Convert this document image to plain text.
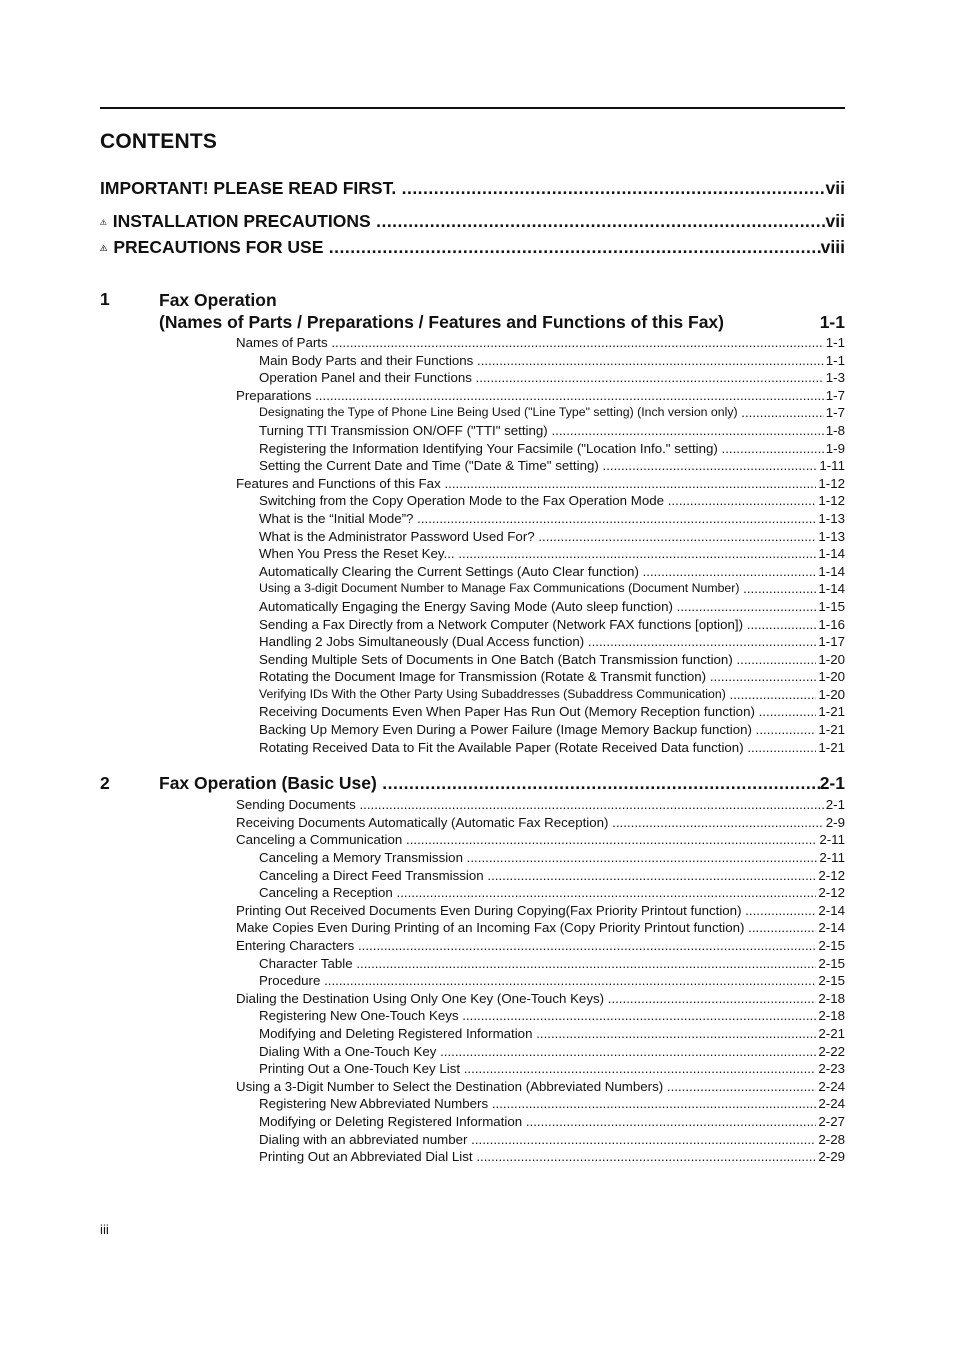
CONTENTS
IMPORTANT! PLEASE READ FIRST. .....	vii
INSTALLATION PRECAUTIONS .....	vii
PRECAUTIONS FOR USE .....	viii
1	Fax Operation
(Names of Parts / Preparations / Features and Functions of this Fax)	1-1
Names of Parts .....	1-1
Main Body Parts and their Functions .....	1-1
Operation Panel and their Functions .....	1-3
Preparations .....	1-7
Designating the Type of Phone Line Being Used ("Line Type" setting) (Inch version only) .....	1-7
Turning TTI Transmission ON/OFF ("TTI" setting) .....	1-8
Registering the Information Identifying Your Facsimile ("Location Info." setting) .....	1-9
Setting the Current Date and Time ("Date & Time" setting) .....	1-11
Features and Functions of this Fax .....	1-12
Switching from the Copy Operation Mode to the Fax Operation Mode .....	1-12
What is the “Initial Mode”? .....	1-13
What is the Administrator Password Used For? .....	1-13
When You Press the Reset Key... .....	1-14
Automatically Clearing the Current Settings (Auto Clear function) .....	1-14
Using a 3-digit Document Number to Manage Fax Communications (Document Number) .....	1-14
Automatically Engaging the Energy Saving Mode (Auto sleep function) .....	1-15
Sending a Fax Directly from a Network Computer (Network FAX functions [option]) .....	1-16
Handling 2 Jobs Simultaneously (Dual Access function) .....	1-17
Sending Multiple Sets of Documents in One Batch (Batch Transmission function) .....	1-20
Rotating the Document Image for Transmission (Rotate & Transmit function) .....	1-20
Verifying IDs With the Other Party Using Subaddresses (Subaddress Communication) .....	1-20
Receiving Documents Even When Paper Has Run Out (Memory Reception function) .....	1-21
Backing Up Memory Even During a Power Failure (Image Memory Backup function) .....	1-21
Rotating Received Data to Fit the Available Paper (Rotate Received Data function) .....	1-21
2	Fax Operation (Basic Use) .....	2-1
Sending Documents .....	2-1
Receiving Documents Automatically (Automatic Fax Reception) .....	2-9
Canceling a Communication .....	2-11
Canceling a Memory Transmission .....	2-11
Canceling a Direct Feed Transmission .....	2-12
Canceling a Reception .....	2-12
Printing Out Received Documents Even During Copying(Fax Priority Printout function) .....	2-14
Make Copies Even During Printing of an Incoming Fax (Copy Priority Printout function) .....	2-14
Entering Characters .....	2-15
Character Table .....	2-15
Procedure .....	2-15
Dialing the Destination Using Only One Key (One-Touch Keys) .....	2-18
Registering New One-Touch Keys .....	2-18
Modifying and Deleting Registered Information .....	2-21
Dialing With a One-Touch Key .....	2-22
Printing Out a One-Touch Key List .....	2-23
Using a 3-Digit Number to Select the Destination (Abbreviated Numbers) .....	2-24
Registering New Abbreviated Numbers .....	2-24
Modifying or Deleting Registered Information .....	2-27
Dialing with an abbreviated number .....	2-28
Printing Out an Abbreviated Dial List .....	2-29
iii
